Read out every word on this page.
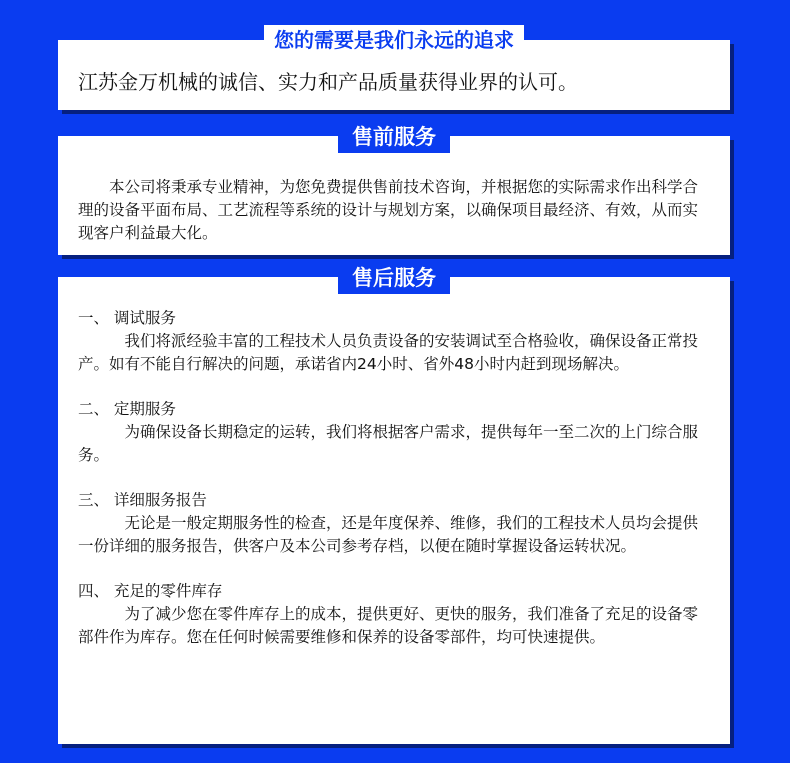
您的需要是我们永远的追求
江苏金万机械的诚信、实力和产品质量获得业界的认可。
售前服务

本公司将秉承专业精神，为您免费提供售前技术咨询，并根据您的实际需求作出科学合理的设备平面布局、工艺流程等系统的设计与规划方案，以确保项目最经济、有效，从而实现客户利益最大化。

售后服务
一、 调试服务

我们将派经验丰富的工程技术人员负责设备的安装调试至合格验收，确保设备正常投产。如有不能自行解决的问题，承诺省内24小时、省外48小时内赶到现场解决。

二、 定期服务

为确保设备长期稳定的运转，我们将根据客户需求，提供每年一至二次的上门综合服务。

三、 详细服务报告

无论是一般定期服务性的检查，还是年度保养、维修，我们的工程技术人员均会提供一份详细的服务报告，供客户及本公司参考存档，以便在随时掌握设备运转状况。

四、 充足的零件库存

为了减少您在零件库存上的成本，提供更好、更快的服务，我们准备了充足的设备零部件作为库存。您在任何时候需要维修和保养的设备零部件，均可快速提供。
